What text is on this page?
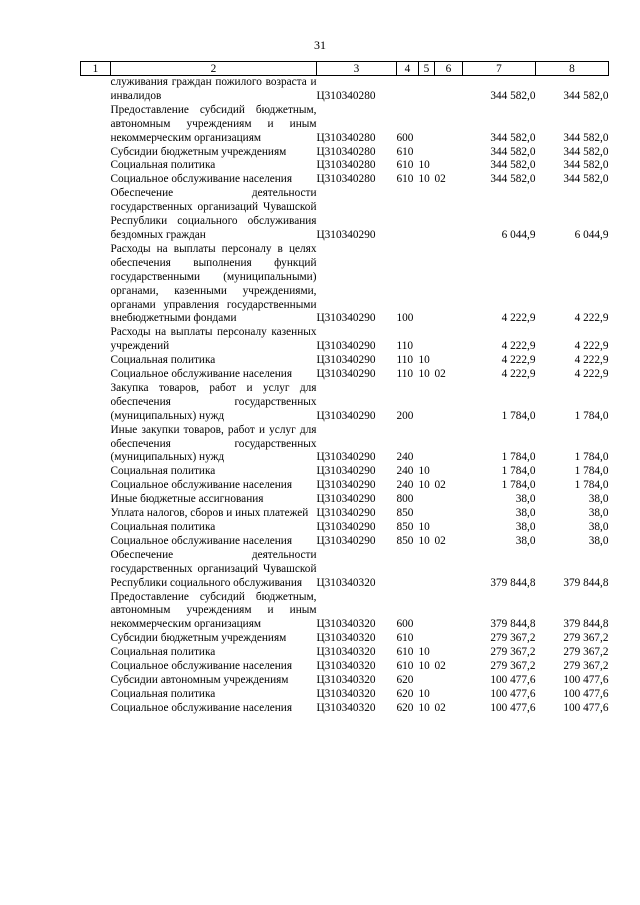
31
1	2	3	4	5	6	7	8
	служивания граждан пожилого возраста и инвалидов	Ц310340280				344 582,0	344 582,0
	Предоставление субсидий бюджетным, автономным учреждениям и иным некоммерческим организациям	Ц310340280	600			344 582,0	344 582,0
	Субсидии бюджетным учреждениям	Ц310340280	610			344 582,0	344 582,0
	Социальная политика	Ц310340280	610	10		344 582,0	344 582,0
	Социальное обслуживание населения	Ц310340280	610	10	02	344 582,0	344 582,0
	Обеспечение деятельности государственных организаций Чувашской Республики социального обслуживания бездомных граждан	Ц310340290				6 044,9	6 044,9
	Расходы на выплаты персоналу в целях обеспечения выполнения функций государственными (муниципальными) органами, казенными учреждениями, органами управления государственными внебюджетными фондами	Ц310340290	100			4 222,9	4 222,9
	Расходы на выплаты персоналу казенных учреждений	Ц310340290	110			4 222,9	4 222,9
	Социальная политика	Ц310340290	110	10		4 222,9	4 222,9
	Социальное обслуживание населения	Ц310340290	110	10	02	4 222,9	4 222,9
	Закупка товаров, работ и услуг для обеспечения государственных (муниципальных) нужд	Ц310340290	200			1 784,0	1 784,0
	Иные закупки товаров, работ и услуг для обеспечения государственных (муниципальных) нужд	Ц310340290	240			1 784,0	1 784,0
	Социальная политика	Ц310340290	240	10		1 784,0	1 784,0
	Социальное обслуживание населения	Ц310340290	240	10	02	1 784,0	1 784,0
	Иные бюджетные ассигнования	Ц310340290	800			38,0	38,0
	Уплата налогов, сборов и иных платежей	Ц310340290	850			38,0	38,0
	Социальная политика	Ц310340290	850	10		38,0	38,0
	Социальное обслуживание населения	Ц310340290	850	10	02	38,0	38,0
	Обеспечение деятельности государственных организаций Чувашской Республики социального обслуживания	Ц310340320				379 844,8	379 844,8
	Предоставление субсидий бюджетным, автономным учреждениям и иным некоммерческим организациям	Ц310340320	600			379 844,8	379 844,8
	Субсидии бюджетным учреждениям	Ц310340320	610			279 367,2	279 367,2
	Социальная политика	Ц310340320	610	10		279 367,2	279 367,2
	Социальное обслуживание населения	Ц310340320	610	10	02	279 367,2	279 367,2
	Субсидии автономным учреждениям	Ц310340320	620			100 477,6	100 477,6
	Социальная политика	Ц310340320	620	10		100 477,6	100 477,6
	Социальное обслуживание населения	Ц310340320	620	10	02	100 477,6	100 477,6
